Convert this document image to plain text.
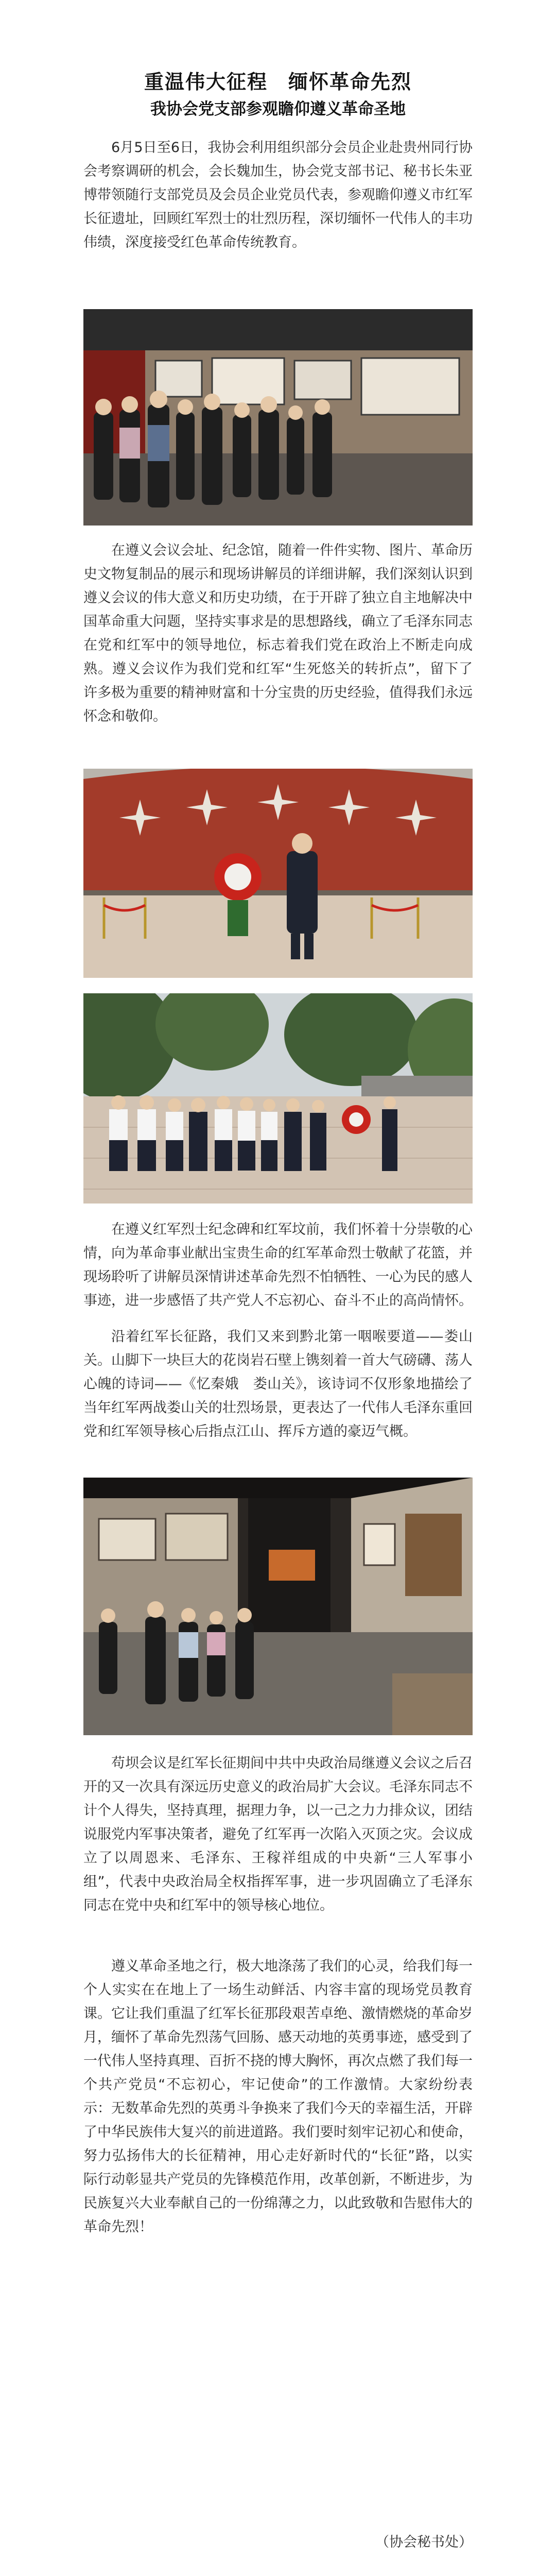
重温伟大征程　缅怀革命先烈
我协会党支部参观瞻仰遵义革命圣地

6月5日至6日，我协会利用组织部分会员企业赴贵州同行协会考察调研的机会，会长魏加生，协会党支部书记、秘书长朱亚博带领随行支部党员及会员企业党员代表，参观瞻仰遵义市红军长征遗址，回顾红军烈士的壮烈历程，深切缅怀一代伟人的丰功伟绩，深度接受红色革命传统教育。

在遵义会议会址、纪念馆，随着一件件实物、图片、革命历史文物复制品的展示和现场讲解员的详细讲解，我们深刻认识到遵义会议的伟大意义和历史功绩，在于开辟了独立自主地解决中国革命重大问题，坚持实事求是的思想路线，确立了毛泽东同志在党和红军中的领导地位，标志着我们党在政治上不断走向成熟。遵义会议作为我们党和红军“生死悠关的转折点”，留下了许多极为重要的精神财富和十分宝贵的历史经验，值得我们永远怀念和敬仰。

在遵义红军烈士纪念碑和红军坟前，我们怀着十分崇敬的心情，向为革命事业献出宝贵生命的红军革命烈士敬献了花篮，并现场聆听了讲解员深情讲述革命先烈不怕牺牲、一心为民的感人事迹，进一步感悟了共产党人不忘初心、奋斗不止的高尚情怀。

沿着红军长征路，我们又来到黔北第一咽喉要道——娄山关。山脚下一块巨大的花岗岩石壁上镌刻着一首大气磅礴、荡人心魄的诗词——《忆秦娥　娄山关》，该诗词不仅形象地描绘了当年红军两战娄山关的壮烈场景，更表达了一代伟人毛泽东重回党和红军领导核心后指点江山、挥斥方遒的豪迈气概。

苟坝会议是红军长征期间中共中央政治局继遵义会议之后召开的又一次具有深远历史意义的政治局扩大会议。毛泽东同志不计个人得失，坚持真理，据理力争，以一己之力力排众议，团结说服党内军事决策者，避免了红军再一次陷入灭顶之灾。会议成立了以周恩来、毛泽东、王稼祥组成的中央新“三人军事小组”，代表中央政治局全权指挥军事，进一步巩固确立了毛泽东同志在党中央和红军中的领导核心地位。

遵义革命圣地之行，极大地涤荡了我们的心灵，给我们每一个人实实在在地上了一场生动鲜活、内容丰富的现场党员教育课。它让我们重温了红军长征那段艰苦卓绝、激情燃烧的革命岁月，缅怀了革命先烈荡气回肠、感天动地的英勇事迹，感受到了一代伟人坚持真理、百折不挠的博大胸怀，再次点燃了我们每一个共产党员“不忘初心，牢记使命”的工作激情。大家纷纷表示：无数革命先烈的英勇斗争换来了我们今天的幸福生活，开辟了中华民族伟大复兴的前进道路。我们要时刻牢记初心和使命，努力弘扬伟大的长征精神，用心走好新时代的“长征”路，以实际行动彰显共产党员的先锋模范作用，改革创新，不断进步，为民族复兴大业奉献自己的一份绵薄之力，以此致敬和告慰伟大的革命先烈！

（协会秘书处）
